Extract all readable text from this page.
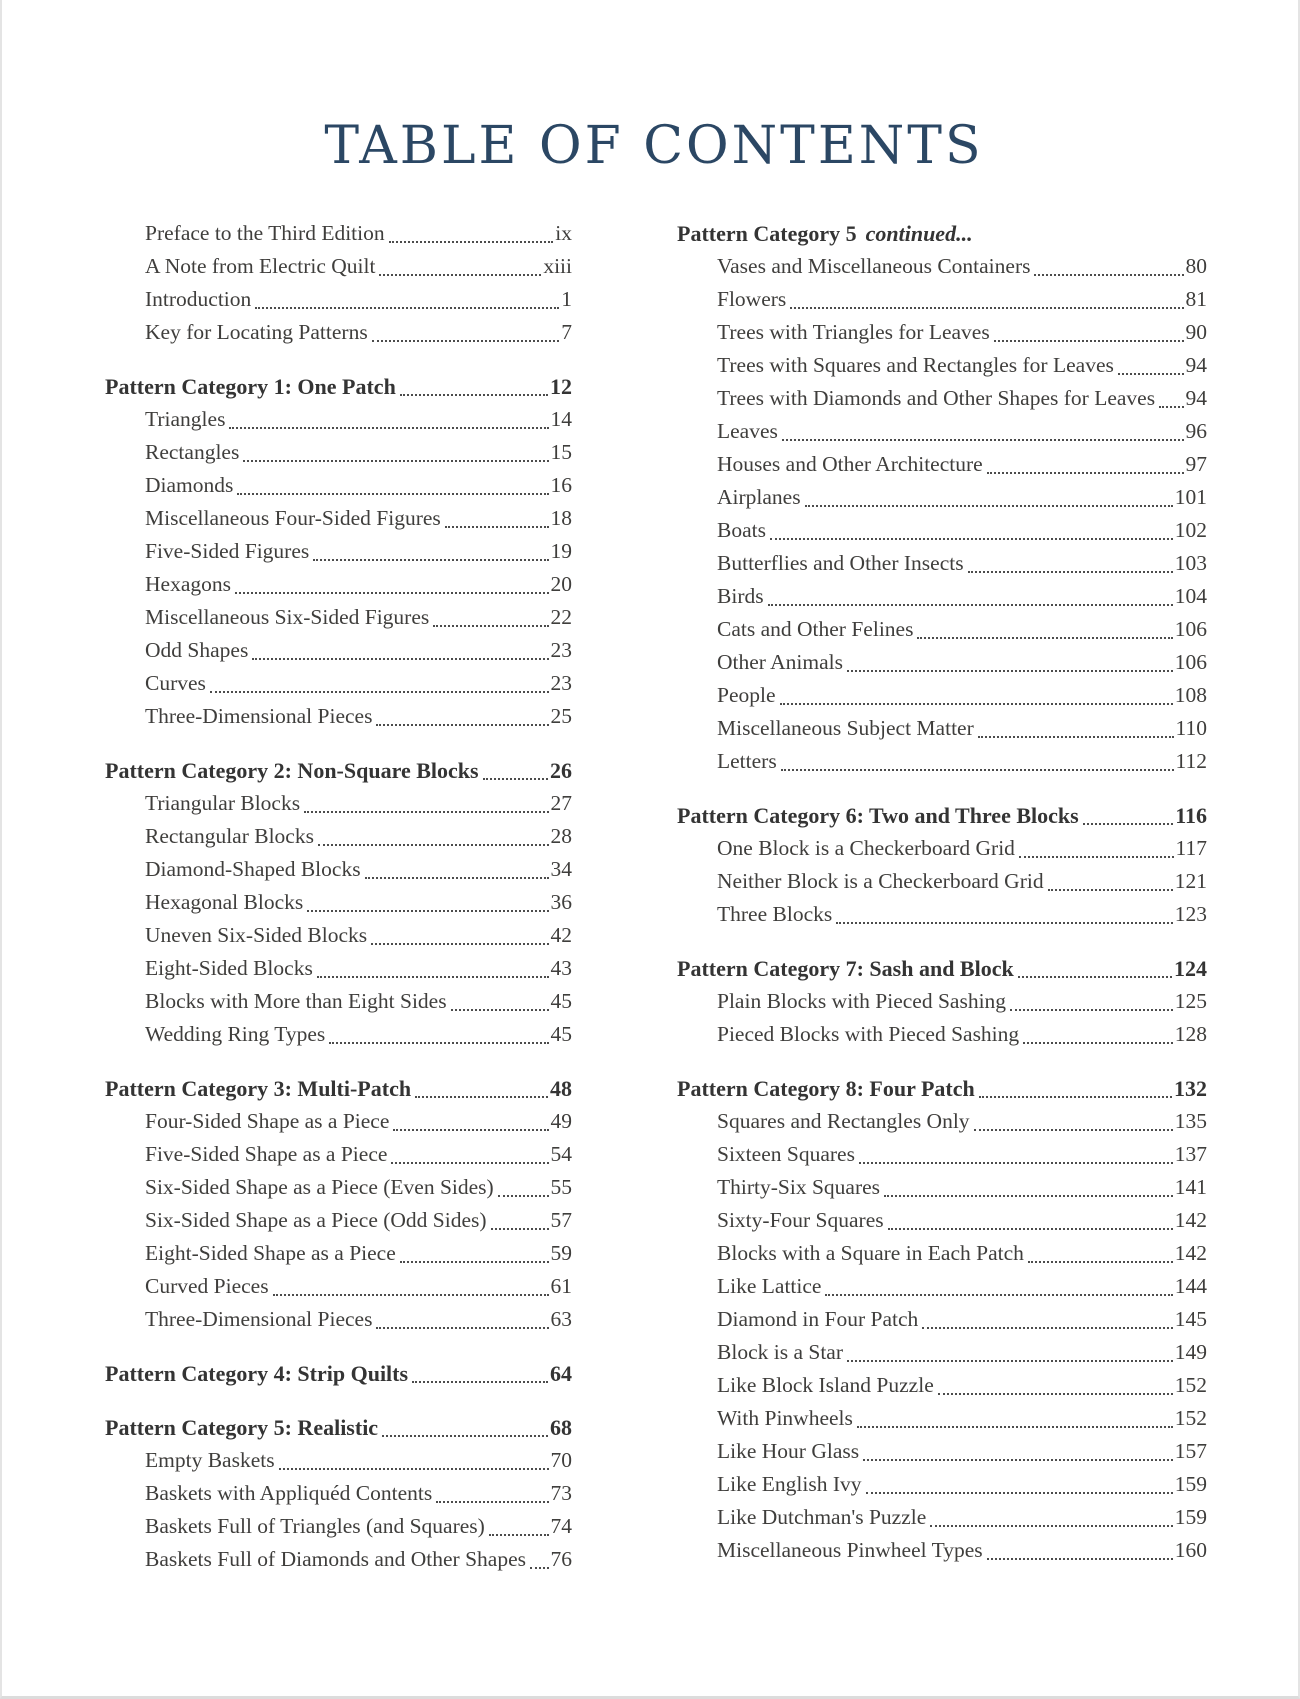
TABLE OF CONTENTS
Preface to the Third Edition	ix
A Note from Electric Quilt	xiii
Introduction	1
Key for Locating Patterns	7
Pattern Category 1: One Patch	12
Triangles	14
Rectangles	15
Diamonds	16
Miscellaneous Four-Sided Figures	18
Five-Sided Figures	19
Hexagons	20
Miscellaneous Six-Sided Figures	22
Odd Shapes	23
Curves	23
Three-Dimensional Pieces	25
Pattern Category 2: Non-Square Blocks	26
Triangular Blocks	27
Rectangular Blocks	28
Diamond-Shaped Blocks	34
Hexagonal Blocks	36
Uneven Six-Sided Blocks	42
Eight-Sided Blocks	43
Blocks with More than Eight Sides	45
Wedding Ring Types	45
Pattern Category 3: Multi-Patch	48
Four-Sided Shape as a Piece	49
Five-Sided Shape as a Piece	54
Six-Sided Shape as a Piece (Even Sides)	55
Six-Sided Shape as a Piece (Odd Sides)	57
Eight-Sided Shape as a Piece	59
Curved Pieces	61
Three-Dimensional Pieces	63
Pattern Category 4: Strip Quilts	64
Pattern Category 5: Realistic	68
Empty Baskets	70
Baskets with Appliquéd Contents	73
Baskets Full of Triangles (and Squares)	74
Baskets Full of Diamonds and Other Shapes 76
Pattern Category 5 continued...
Vases and Miscellaneous Containers	80
Flowers	81
Trees with Triangles for Leaves	90
Trees with Squares and Rectangles for Leaves	94
Trees with Diamonds and Other Shapes for Leaves 94
Leaves	96
Houses and Other Architecture	97
Airplanes	101
Boats	102
Butterflies and Other Insects	103
Birds	104
Cats and Other Felines	106
Other Animals	106
People	108
Miscellaneous Subject Matter	110
Letters	112
Pattern Category 6: Two and Three Blocks	116
One Block is a Checkerboard Grid	117
Neither Block is a Checkerboard Grid	121
Three Blocks	123
Pattern Category 7: Sash and Block	124
Plain Blocks with Pieced Sashing	125
Pieced Blocks with Pieced Sashing	128
Pattern Category 8: Four Patch	132
Squares and Rectangles Only	135
Sixteen Squares	137
Thirty-Six Squares	141
Sixty-Four Squares	142
Blocks with a Square in Each Patch	142
Like Lattice	144
Diamond in Four Patch	145
Block is a Star	149
Like Block Island Puzzle	152
With Pinwheels	152
Like Hour Glass	157
Like English Ivy	159
Like Dutchman's Puzzle	159
Miscellaneous Pinwheel Types	160
